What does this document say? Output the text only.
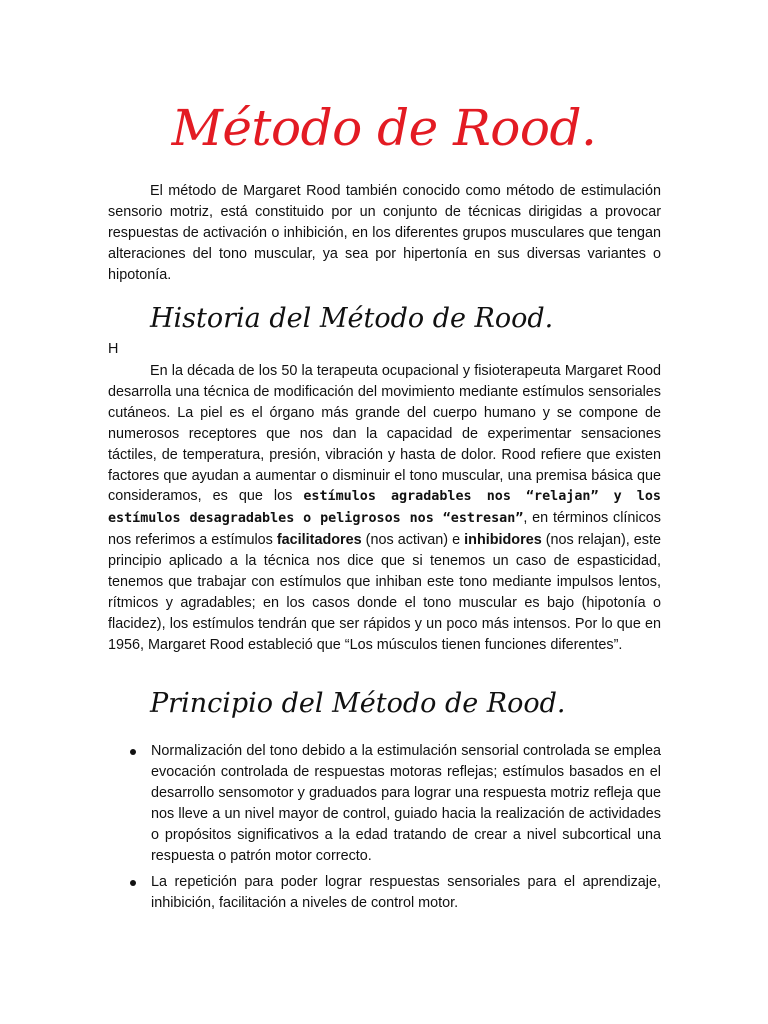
Método de Rood.

El método de Margaret Rood también conocido como método de estimulación sensorio motriz, está constituido por un conjunto de técnicas dirigidas a provocar respuestas de activación o inhibición, en los diferentes grupos musculares que tengan alteraciones del tono muscular, ya sea por hipertonía en sus diversas variantes o hipotonía.

Historia del Método de Rood.

H

En la década de los 50 la terapeuta ocupacional y fisioterapeuta Margaret Rood desarrolla una técnica de modificación del movimiento mediante estímulos sensoriales cutáneos. La piel es el órgano más grande del cuerpo humano y se compone de numerosos receptores que nos dan la capacidad de experimentar sensaciones táctiles, de temperatura, presión, vibración y hasta de dolor. Rood refiere que existen factores que ayudan a aumentar o disminuir el tono muscular, una premisa básica que consideramos, es que los estímulos agradables nos “relajan” y los estímulos desagradables o peligrosos nos “estresan”, en términos clínicos nos referimos a estímulos facilitadores (nos activan) e inhibidores (nos relajan), este principio aplicado a la técnica nos dice que si tenemos un caso de espasticidad, tenemos que trabajar con estímulos que inhiban este tono mediante impulsos lentos, rítmicos y agradables; en los casos donde el tono muscular es bajo (hipotonía o flacidez), los estímulos tendrán que ser rápidos y un poco más intensos. Por lo que en 1956, Margaret Rood estableció que “Los músculos tienen funciones diferentes”.

Principio del Método de Rood.
Normalización del tono debido a la estimulación sensorial controlada se emplea evocación controlada de respuestas motoras reflejas; estímulos basados en el desarrollo sensomotor y graduados para lograr una respuesta motriz refleja que nos lleve a un nivel mayor de control, guiado hacia la realización de actividades o propósitos significativos a la edad tratando de crear a nivel subcortical una respuesta o patrón motor correcto.
La repetición para poder lograr respuestas sensoriales para el aprendizaje, inhibición, facilitación a niveles de control motor.
